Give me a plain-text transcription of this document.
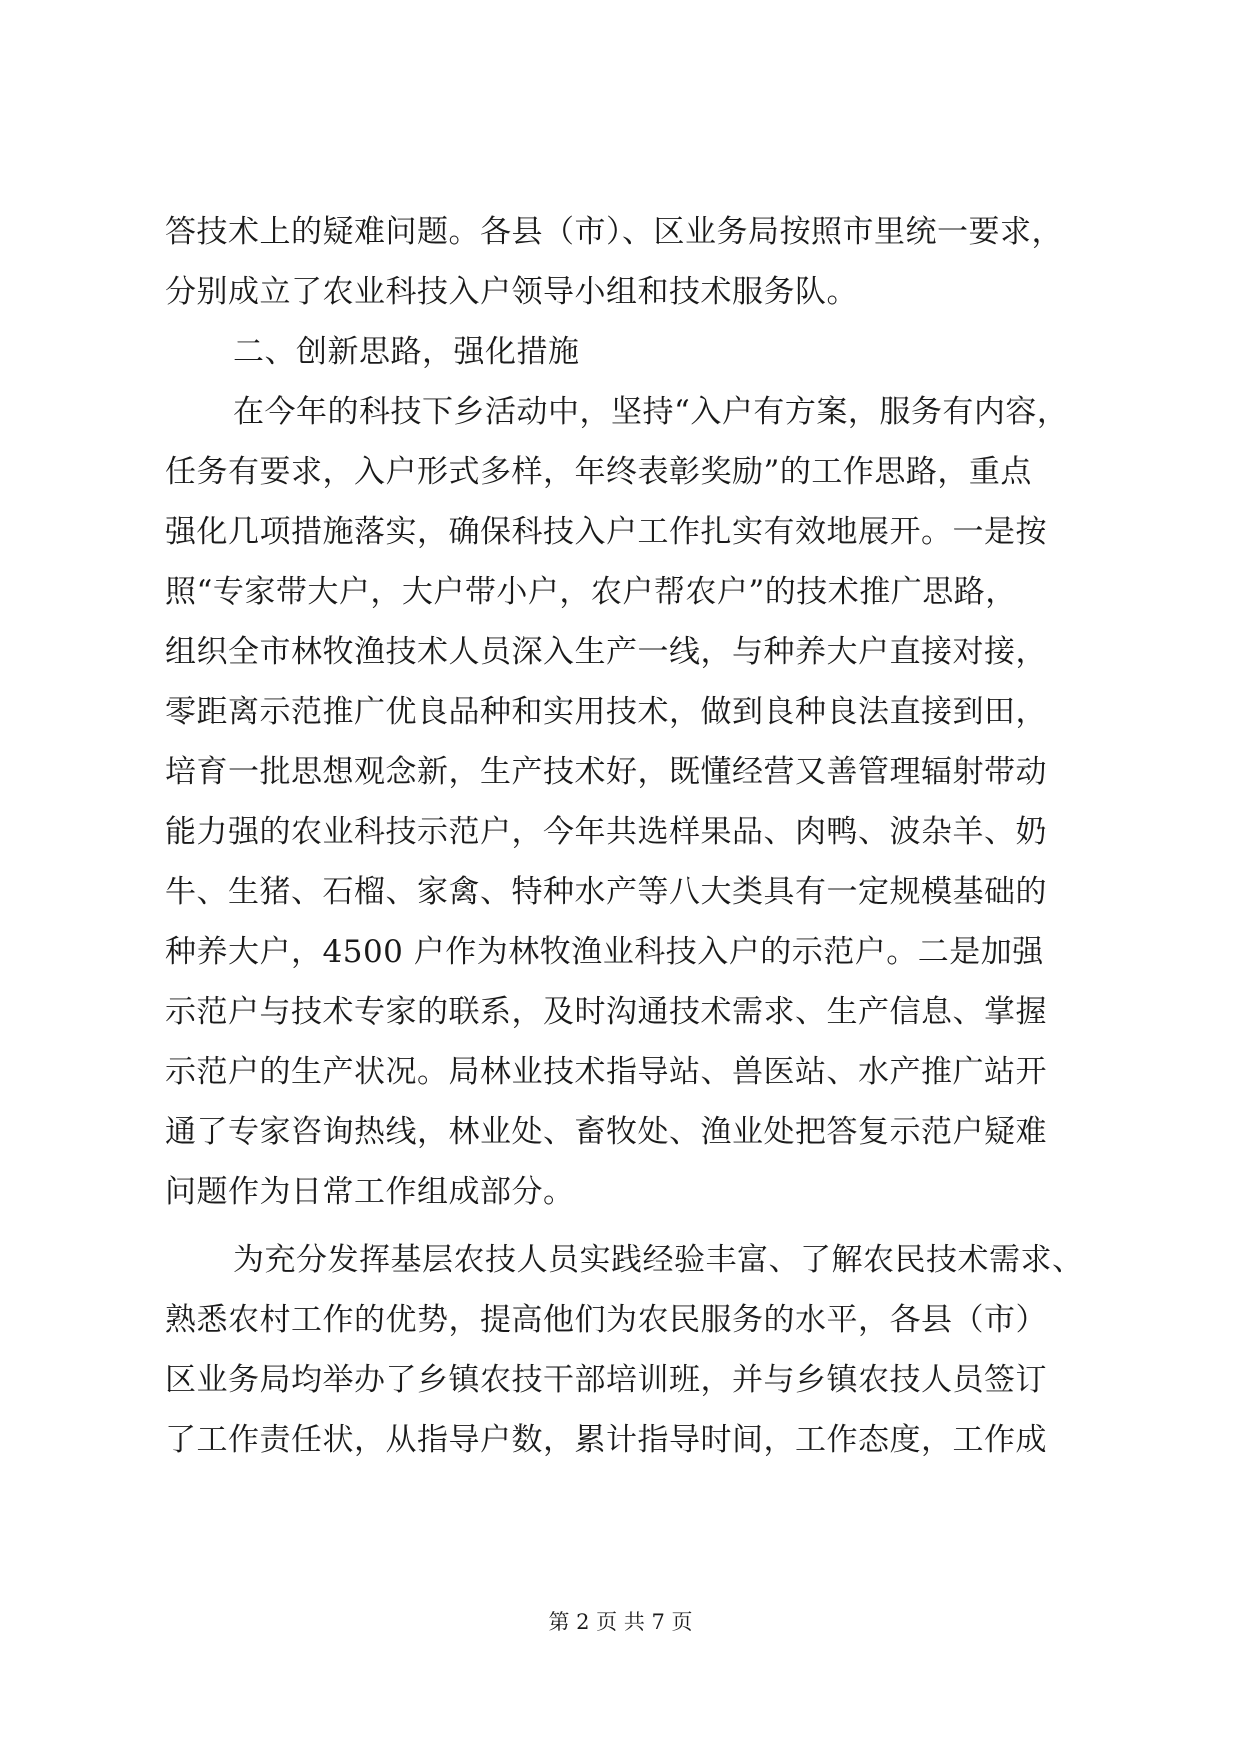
答技术上的疑难问题。各县（市）、区业务局按照市里统一要求，
分别成立了农业科技入户领导小组和技术服务队。
二、创新思路，强化措施
在今年的科技下乡活动中，坚持“入户有方案，服务有内容，
任务有要求，入户形式多样，年终表彰奖励”的工作思路，重点
强化几项措施落实，确保科技入户工作扎实有效地展开。一是按
照“专家带大户，大户带小户，农户帮农户”的技术推广思路，
组织全市林牧渔技术人员深入生产一线，与种养大户直接对接，
零距离示范推广优良品种和实用技术，做到良种良法直接到田，
培育一批思想观念新，生产技术好，既懂经营又善管理辐射带动
能力强的农业科技示范户，今年共选样果品、肉鸭、波杂羊、奶
牛、生猪、石榴、家禽、特种水产等八大类具有一定规模基础的
种养大户，4500 户作为林牧渔业科技入户的示范户。二是加强
示范户与技术专家的联系，及时沟通技术需求、生产信息、掌握
示范户的生产状况。局林业技术指导站、兽医站、水产推广站开
通了专家咨询热线，林业处、畜牧处、渔业处把答复示范户疑难
问题作为日常工作组成部分。
为充分发挥基层农技人员实践经验丰富、了解农民技术需求、
熟悉农村工作的优势，提高他们为农民服务的水平，各县（市）
区业务局均举办了乡镇农技干部培训班，并与乡镇农技人员签订
了工作责任状，从指导户数，累计指导时间，工作态度，工作成
第 2 页 共 7 页
